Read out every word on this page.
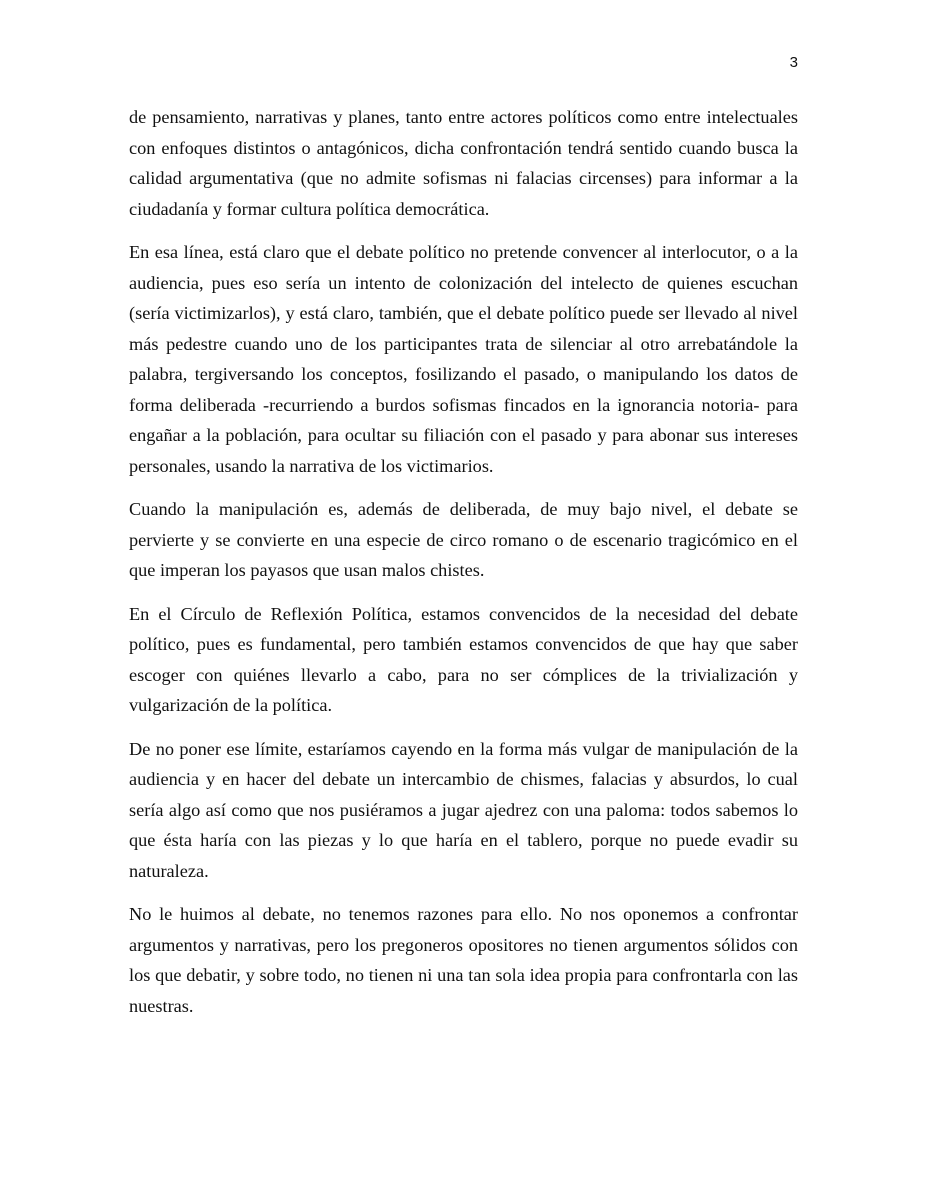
3

de pensamiento, narrativas y planes, tanto entre actores políticos como entre intelectuales con enfoques distintos o antagónicos, dicha confrontación tendrá sentido cuando busca la calidad argumentativa (que no admite sofismas ni falacias circenses) para informar a la ciudadanía y formar cultura política democrática.

En esa línea, está claro que el debate político no pretende convencer al interlocutor, o a la audiencia, pues eso sería un intento de colonización del intelecto de quienes escuchan (sería victimizarlos), y está claro, también, que el debate político puede ser llevado al nivel más pedestre cuando uno de los participantes trata de silenciar al otro arrebatándole la palabra, tergiversando los conceptos, fosilizando el pasado, o manipulando los datos de forma deliberada -recurriendo a burdos sofismas fincados en la ignorancia notoria- para engañar a la población, para ocultar su filiación con el pasado y para abonar sus intereses personales, usando la narrativa de los victimarios.

Cuando la manipulación es, además de deliberada, de muy bajo nivel, el debate se pervierte y se convierte en una especie de circo romano o de escenario tragicómico en el que imperan los payasos que usan malos chistes.

En el Círculo de Reflexión Política, estamos convencidos de la necesidad del debate político, pues es fundamental, pero también estamos convencidos de que hay que saber escoger con quiénes llevarlo a cabo, para no ser cómplices de la trivialización y vulgarización de la política.

De no poner ese límite, estaríamos cayendo en la forma más vulgar de manipulación de la audiencia y en hacer del debate un intercambio de chismes, falacias y absurdos, lo cual sería algo así como que nos pusiéramos a jugar ajedrez con una paloma: todos sabemos lo que ésta haría con las piezas y lo que haría en el tablero, porque no puede evadir su naturaleza.

No le huimos al debate, no tenemos razones para ello. No nos oponemos a confrontar argumentos y narrativas, pero los pregoneros opositores no tienen argumentos sólidos con los que debatir, y sobre todo, no tienen ni una tan sola idea propia para confrontarla con las nuestras.
